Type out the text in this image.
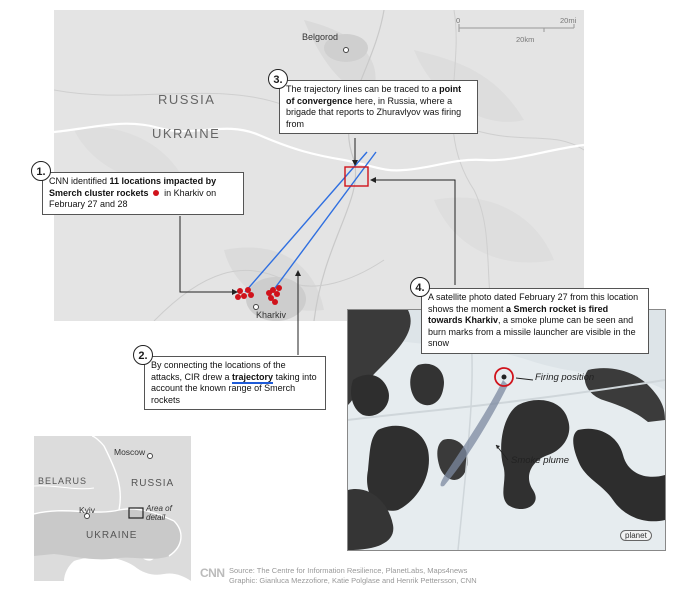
Belgorod
Kharkiv
RUSSIA
UKRAINE
0	20mi
20km
Firing position
Smoke plume
planet
CNN identified 11 locations impacted by Smerch cluster rockets in Kharkiv on February 27 and 28
1.
By connecting the locations of the attacks, CIR drew a trajectory taking into account the known range of Smerch rockets
2.
The trajectory lines can be traced to a point of convergence here, in Russia, where a brigade that reports to Zhuravlyov was firing from
3.
A satellite photo dated February 27 from this location shows the moment a Smerch rocket is fired towards Kharkiv, a smoke plume can be seen and burn marks from a missile launcher are visible in the snow
4.
Moscow
Kyiv
RUSSIA
BELARUS
UKRAINE
Area of detail
CNN Source: The Centre for Information Resilience, PlanetLabs, Maps4news
Graphic: Gianluca Mezzofiore, Katie Polglase and Henrik Pettersson, CNN
